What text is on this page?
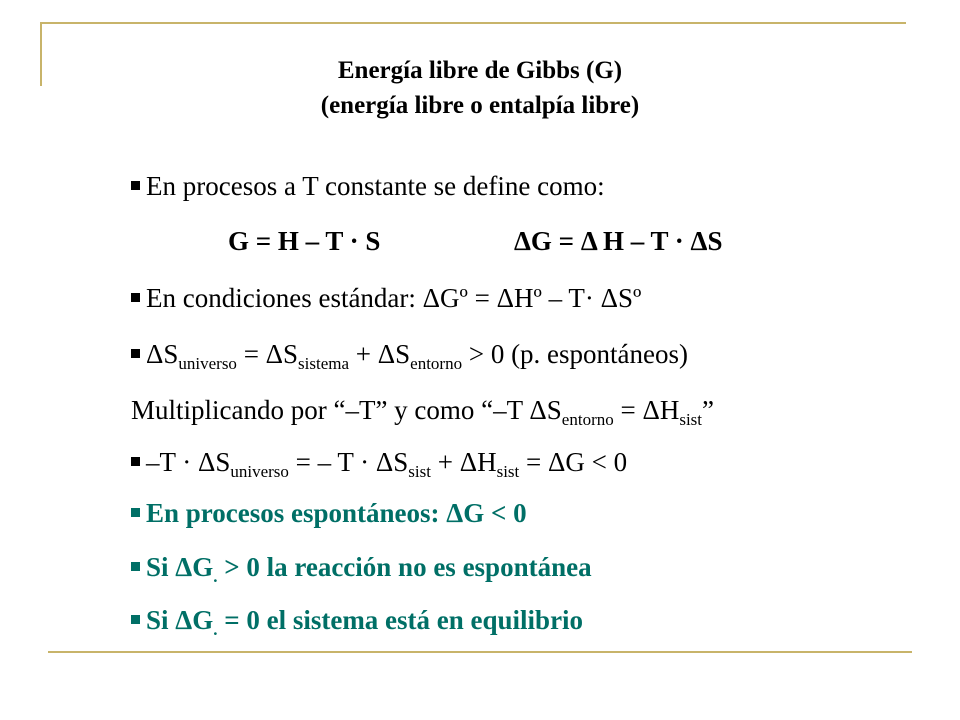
Energía libre de Gibbs (G)
(energía libre o entalpía libre)
En procesos a T constante se define como:
G = H – T · S	ΔG = Δ H – T · ΔS
En condiciones estándar: ΔGº = ΔHº – T· ΔSº
$\Delta S_{universo} = \Delta S_{sistema} + \Delta S_{entorno} > 0$ (p. espontáneos)
Multiplicando por “–T” y como “–T $\Delta S_{entorno} = \Delta H_{sist}$”
$-T \cdot \Delta S_{universo}$ = – $T \cdot \Delta S_{sist} + \Delta H_{sist} = \Delta G < 0$
En procesos espontáneos: ΔG < 0
Si $\Delta G_. > 0$ la reacción no es espontánea
Si $\Delta G_. = 0$ el sistema está en equilibrio
